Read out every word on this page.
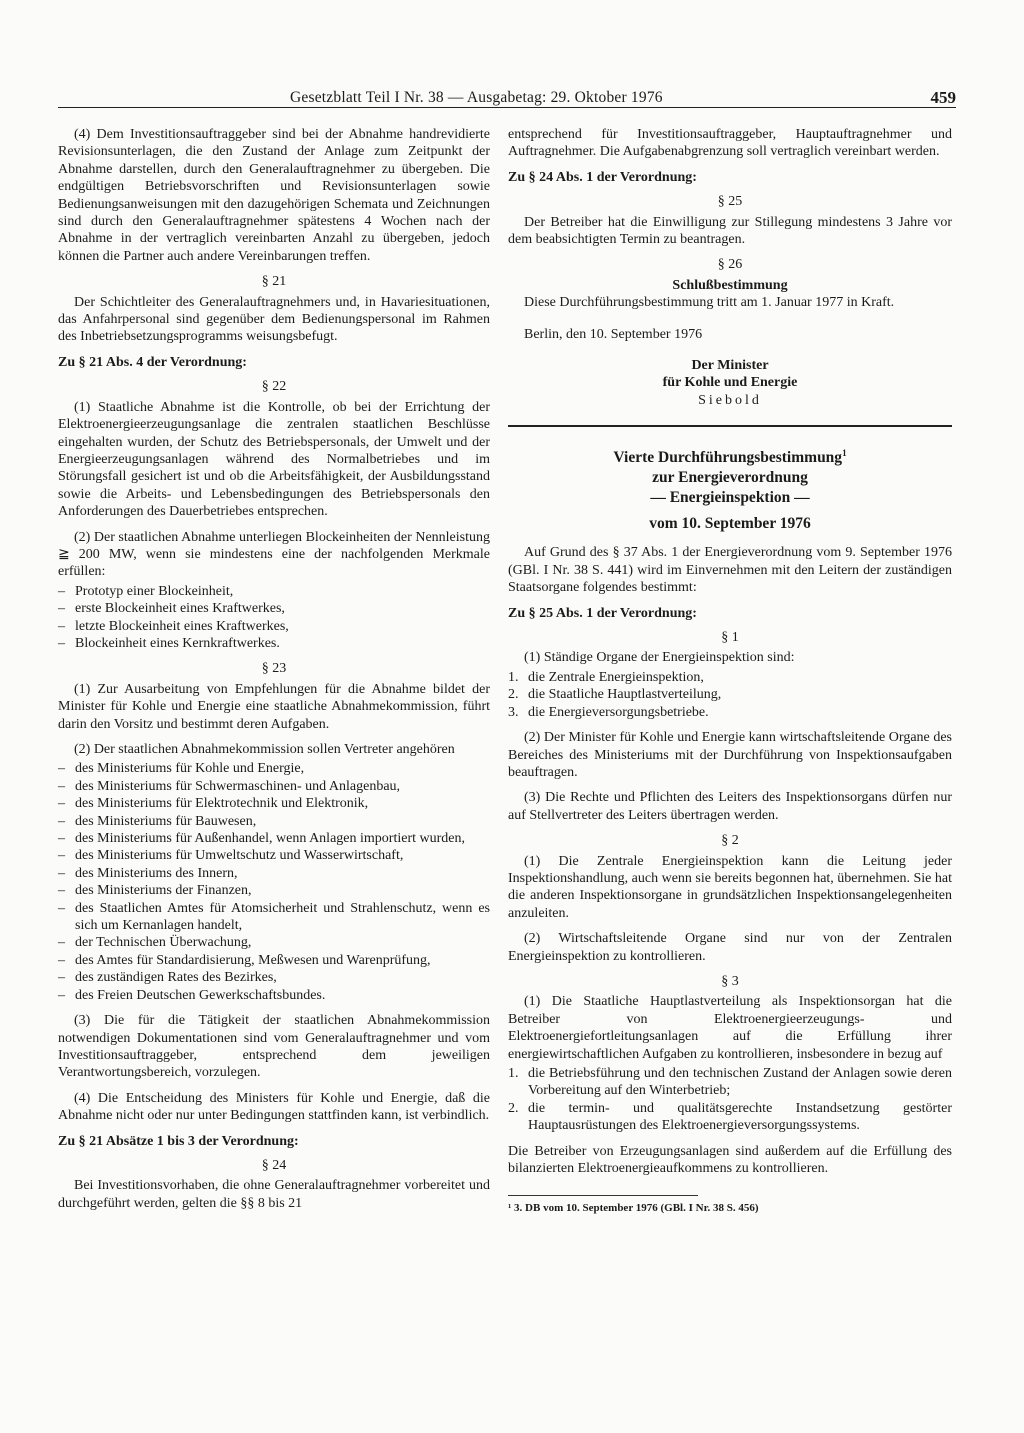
Gesetzblatt Teil I Nr. 38 — Ausgabetag: 29. Oktober 1976	459

(4) Dem Investitionsauftraggeber sind bei der Abnahme handrevidierte Revisionsunterlagen, die den Zustand der Anlage zum Zeitpunkt der Abnahme darstellen, durch den Generalauftragnehmer zu übergeben. Die endgültigen Betriebsvorschriften und Revisionsunterlagen sowie Bedienungsanweisungen mit den dazugehörigen Schemata und Zeichnungen sind durch den Generalauftragnehmer spätestens 4 Wochen nach der Abnahme in der vertraglich vereinbarten Anzahl zu übergeben, jedoch können die Partner auch andere Vereinbarungen treffen.

§ 21

Der Schichtleiter des Generalauftragnehmers und, in Havariesituationen, das Anfahrpersonal sind gegenüber dem Bedienungspersonal im Rahmen des Inbetriebsetzungsprogramms weisungsbefugt.

Zu § 21 Abs. 4 der Verordnung:
§ 22

(1) Staatliche Abnahme ist die Kontrolle, ob bei der Errichtung der Elektroenergieerzeugungsanlage die zentralen staatlichen Beschlüsse eingehalten wurden, der Schutz des Betriebspersonals, der Umwelt und der Energieerzeugungsanlagen während des Normalbetriebes und im Störungsfall gesichert ist und ob die Arbeitsfähigkeit, der Ausbildungsstand sowie die Arbeits- und Lebensbedingungen des Betriebspersonals den Anforderungen des Dauerbetriebes entsprechen.

(2) Der staatlichen Abnahme unterliegen Blockeinheiten der Nennleistung ≧ 200 MW, wenn sie mindestens eine der nachfolgenden Merkmale erfüllen:

– Prototyp einer Blockeinheit,
– erste Blockeinheit eines Kraftwerkes,
– letzte Blockeinheit eines Kraftwerkes,
– Blockeinheit eines Kernkraftwerkes.
§ 23

(1) Zur Ausarbeitung von Empfehlungen für die Abnahme bildet der Minister für Kohle und Energie eine staatliche Abnahmekommission, führt darin den Vorsitz und bestimmt deren Aufgaben.

(2) Der staatlichen Abnahmekommission sollen Vertreter angehören

– des Ministeriums für Kohle und Energie,
– des Ministeriums für Schwermaschinen- und Anlagenbau,
– des Ministeriums für Elektrotechnik und Elektronik,
– des Ministeriums für Bauwesen,
– des Ministeriums für Außenhandel, wenn Anlagen importiert wurden,
– des Ministeriums für Umweltschutz und Wasserwirtschaft,
– des Ministeriums des Innern,
– des Ministeriums der Finanzen,
– des Staatlichen Amtes für Atomsicherheit und Strahlenschutz, wenn es sich um Kernanlagen handelt,
– der Technischen Überwachung,
– des Amtes für Standardisierung, Meßwesen und Warenprüfung,
– des zuständigen Rates des Bezirkes,
– des Freien Deutschen Gewerkschaftsbundes.

(3) Die für die Tätigkeit der staatlichen Abnahmekommission notwendigen Dokumentationen sind vom Generalauftragnehmer und vom Investitionsauftraggeber, entsprechend dem jeweiligen Verantwortungsbereich, vorzulegen.

(4) Die Entscheidung des Ministers für Kohle und Energie, daß die Abnahme nicht oder nur unter Bedingungen stattfinden kann, ist verbindlich.

Zu § 21 Absätze 1 bis 3 der Verordnung:
§ 24

Bei Investitionsvorhaben, die ohne Generalauftragnehmer vorbereitet und durchgeführt werden, gelten die §§ 8 bis 21

entsprechend für Investitionsauftraggeber, Hauptauftragnehmer und Auftragnehmer. Die Aufgabenabgrenzung soll vertraglich vereinbart werden.

Zu § 24 Abs. 1 der Verordnung:
§ 25

Der Betreiber hat die Einwilligung zur Stillegung mindestens 3 Jahre vor dem beabsichtigten Termin zu beantragen.

§ 26
Schlußbestimmung

Diese Durchführungsbestimmung tritt am 1. Januar 1977 in Kraft.

Berlin, den 10. September 1976

Der Minister
für Kohle und Energie
Siebold
Vierte Durchführungsbestimmung$^1$
zur Energieverordnung
— Energieinspektion —
vom 10. September 1976

Auf Grund des § 37 Abs. 1 der Energieverordnung vom 9. September 1976 (GBl. I Nr. 38 S. 441) wird im Einvernehmen mit den Leitern der zuständigen Staatsorgane folgendes bestimmt:

Zu § 25 Abs. 1 der Verordnung:
§ 1

(1) Ständige Organe der Energieinspektion sind:

1. die Zentrale Energieinspektion,
2. die Staatliche Hauptlastverteilung,
3. die Energieversorgungsbetriebe.

(2) Der Minister für Kohle und Energie kann wirtschaftsleitende Organe des Bereiches des Ministeriums mit der Durchführung von Inspektionsaufgaben beauftragen.

(3) Die Rechte und Pflichten des Leiters des Inspektionsorgans dürfen nur auf Stellvertreter des Leiters übertragen werden.

§ 2

(1) Die Zentrale Energieinspektion kann die Leitung jeder Inspektionshandlung, auch wenn sie bereits begonnen hat, übernehmen. Sie hat die anderen Inspektionsorgane in grundsätzlichen Inspektionsangelegenheiten anzuleiten.

(2) Wirtschaftsleitende Organe sind nur von der Zentralen Energieinspektion zu kontrollieren.

§ 3

(1) Die Staatliche Hauptlastverteilung als Inspektionsorgan hat die Betreiber von Elektroenergieerzeugungs- und Elektroenergiefortleitungsanlagen auf die Erfüllung ihrer energiewirtschaftlichen Aufgaben zu kontrollieren, insbesondere in bezug auf

1. die Betriebsführung und den technischen Zustand der Anlagen sowie deren Vorbereitung auf den Winterbetrieb;
2. die termin- und qualitätsgerechte Instandsetzung gestörter Hauptausrüstungen des Elektroenergieversorgungssystems.

Die Betreiber von Erzeugungsanlagen sind außerdem auf die Erfüllung des bilanzierten Elektroenergieaufkommens zu kontrollieren.

¹ 3. DB vom 10. September 1976 (GBl. I Nr. 38 S. 456)
